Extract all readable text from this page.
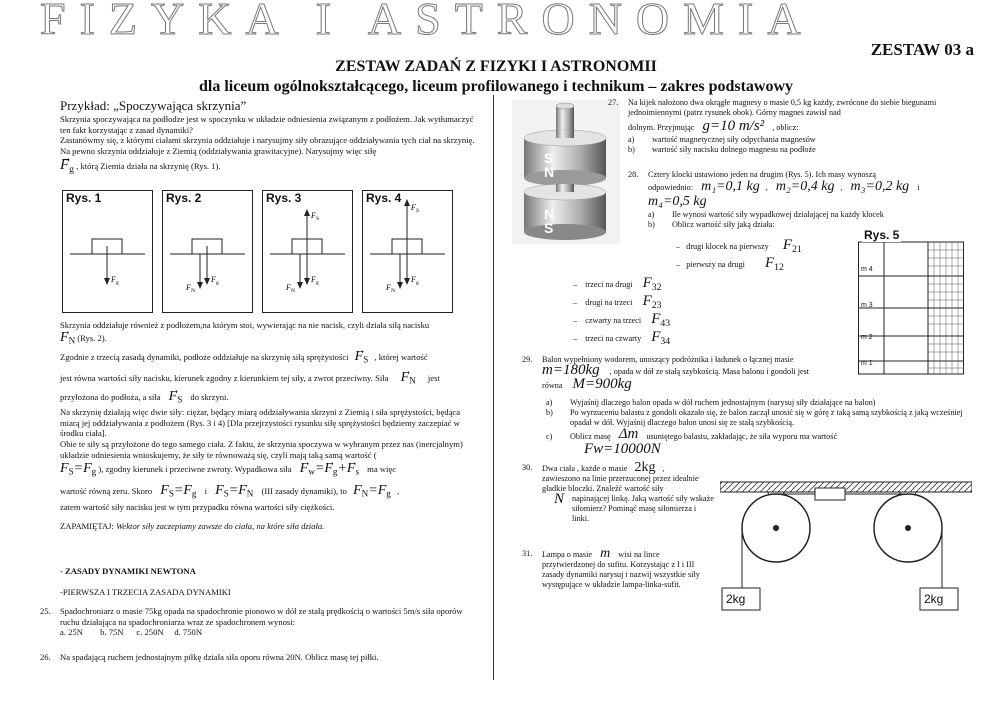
FIZYKA I ASTRONOMIA
ZESTAW 03 a
ZESTAW ZADAŃ Z FIZYKI I ASTRONOMII
dla liceum ogólnokształcącego, liceum profilowanego i technikum – zakres podstawowy
Przykład: „Spoczywająca skrzynia”
Skrzynia spoczywająca na podłodze jest w spoczynku w układzie odniesienia związanym z podłożem. Jak wytłumaczyć ten fakt korzystając z zasad dynamiki?
Zastanówmy się, z którymi ciałami skrzynia oddziałuje i narysujmy siły obrazujące oddziaływania tych ciał na skrzynię. Na pewno skrzynia oddziałuje z Ziemią (oddziaływania grawitacyjne). Narysujmy więc siłę
→ $F_g$ , którą Ziemia działa na skrzynię (Rys. 1).
F g	F g
F N
F g
F N
F S
F g
F N
F S
Rys. 1	Rys. 2	Rys. 3	Rys. 4
Skrzynia oddziałuje również z podłożem,na którym stoi, wywierając na nie nacisk, czyli działa siłą nacisku
→ $F_N$ (Rys. 2).
Zgodnie z trzecią zasadą dynamiki, podłoże oddziałuje na skrzynię siłą sprężystości → $F_S$ , której wartość
jest równa wartości siły nacisku, kierunek zgodny z kierunkiem tej siły, a zwrot przeciwny. Siła → $F_N$ jest
przyłożona do podłoża, a siła → $F_S$ do skrzyni.
Na skrzynię działają więc dwie siły: ciężar, będący miarą oddziaływania skrzyni z Ziemią i siła sprężystości, będąca miarą jej oddziaływania z podłożem (Rys. 3 i 4) [Dla przejrzystości rysunku siłę sprężystości będziemy zaczepiać w środku ciała].
Obie te siły są przyłożone do tego samego ciała. Z faktu, że skrzynia spoczywa w wybranym przez nas (inercjalnym) układzie odniesienia wnioskujemy, że siły te równoważą się, czyli mają taką samą wartość (
$F_S=F_g$ ), zgodny kierunek i przeciwne zwroty. Wypadkowa siła → $F_w=\to F_g+\to F_s$ ma więc
wartość równą zeru. Skoro $F_S=F_g$ i $F_S=F_N$ (III zasady dynamiki), to $F_N=F_g$ ,
zatem wartość siły nacisku jest w tym przypadku równa wartości siły ciężkości.
ZAPAMIĘTAJ: Wektor siły zaczepiamy zawsze do ciała, na które siła działa.
- ZASADY DYNAMIKI NEWTONA
-PIERWSZA I TRZECIA ZASADA DYNAMIKI
25. Spadochroniarz o masie 75kg opada na spadochronie pionowo w dół ze stałą prędkością o wartości 5m/s siła oporów ruchu działająca na spadochroniarza wraz ze spadochronem wynosi:
a. 25N        b. 75N      c. 250N     d. 750N
26. Na spadającą ruchem jednostajnym piłkę działa siła oporu równa 20N. Oblicz masę tej piłki.
S
N
N
S
27. Na kijek nałożono dwa okrągłe magnesy o masie 0,5 kg każdy, zwrócone do siebie biegunami jednoimiennymi (patrz rysunek obok). Górny magnes zawisł nad
dolnym. Przyjmując g=10 m/s² , oblicz:
a) wartość magnetycznej siły odpychania magnesów
b) wartość siły nacisku dolnego magnesu na podłoże
28. Cztery klocki ustawiono jeden na drugim (Rys. 5). Ich masy wynoszą
odpowiednio: m₁=0,1 kg , m₂=0,4 kg , m₃=0,2 kg i
m₄=0,5 kg
a) Ile wynosi wartość siły wypadkowej działającej na każdy klocek
b) Oblicz wartość siły jaką działa:
– drugi klocek na pierwszy $F_{21}$
– pierwszy na drugi $F_{12}$
– trzeci na drugi $F_{32}$
– drugi na trzeci $F_{23}$
– czwarty na trzeci $F_{43}$
– trzeci na czwarty $F_{34}$
Rys. 5
m 4
m 3
m 2
m 1
29. Balon wypełniony wodorem, unoszący podróżnika i ładunek o łącznej masie
m=180kg , opada w dół ze stałą szybkością. Masa balonu i gondoli jest
równa M=900kg
a)	Wyjaśnij dlaczego balon opada w dół ruchem jednostajnym (narysuj siły działające na balon)
b)	Po wyrzuceniu balastu z gondoli okazało się, że balon zaczął unosić się w górę z taką samą szybkością z jaką wcześniej opadał w dół. Wyjaśnij dlaczego balon unosi się ze stałą szybkością.
c)	Oblicz masę Δm usuniętego balastu, zakładając, że siła wyporu ma wartość
Fw=10000N
30. Dwa ciała , każde o masie 2kg ,
zawieszono na linie przerzuconej przez idealnie gładkie bloczki. Znaleźć wartość siły
N napinającej linkę. Jaką wartość siły wskaże siłomierz? Pominąć masę siłomierza i linki.
2kg	2kg
31. Lampa o masie m wisi na lince przytwierdzonej do sufitu. Korzystając z I i III zasady dynamiki narysuj i nazwij wszystkie siły występujące w układzie lampa-linka-sufit.
